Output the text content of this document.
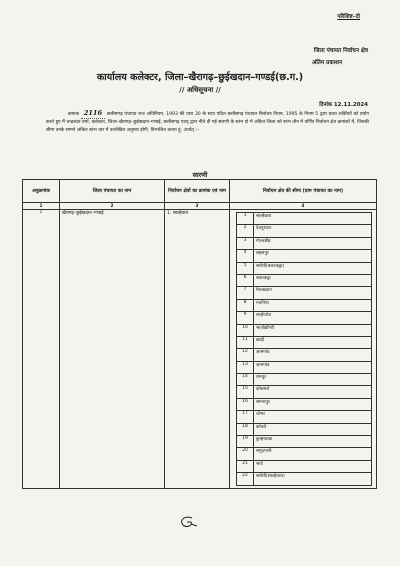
परिशिष्ट–दो
जिला पंचायत निर्वाचन क्षेत्र
अंतिम प्रकाशन
कार्यालय कलेक्टर, जिला–खैरागढ़–छुईखदान–गण्डई(छ.ग.)
// अधिसूचना //
दिनांक 12.11.2024
क्रमांक 2116 छत्तीसगढ़ पंचायत राज अधिनियम, 1993 की धारा 30 के साथ पठित छत्तीसगढ़ पंचायत निर्वाचन नियम, 1995 के नियम 5 द्वारा प्रदत्त शक्तियों को प्रयोग करते हुए मैं चन्द्रकांत वर्मा, कलेक्टर, जिला–खैरागढ़–छुईखदान–गण्डई, छत्तीसगढ़ एतद् द्वारा नीचे दी गई सारणी के स्तंभ दो में अंकित जिला को स्तंभ तीन में वर्णित निर्वाचन क्षेत्र क्रमांकों में, जिनकी सीमा उनके सामने अंकित स्तंभ चार में उल्लेखित अनुसार होगी, विभाजित करता हूं, अर्थात् :–
सारणी
अनुक्रमांक	जिला पंचायत का नाम	निर्वाचन क्षेत्रों का क्रमांक एवं नाम	निर्वाचन क्षेत्र की सीमा (ग्राम पंचायत का नाम)
1	2	3	4
1	खैरागढ़–छुईखदान–गण्डई	1. साल्हेवारा		1	साल्हेवारा
2	देवपुरघाट
3	गोलरडीह
4	सहसपुर
5	सरोधी(बकरकट्टा)
6	बकरकट्टा
7	गेरूखदान
8	नचनिया
9	सरईपतेरा
10	भाजीडोंगरी
11	खादी
12	आमगांव
13	जामगांव
14	रामपुर
15	कोसमर्रा
16	समनापुर
17	चोभर
18	कोपरो
19	कुम्हरवाडा
20	समुंदपानी
21	भावे
22	सरोधी(साल्हेवारा)
